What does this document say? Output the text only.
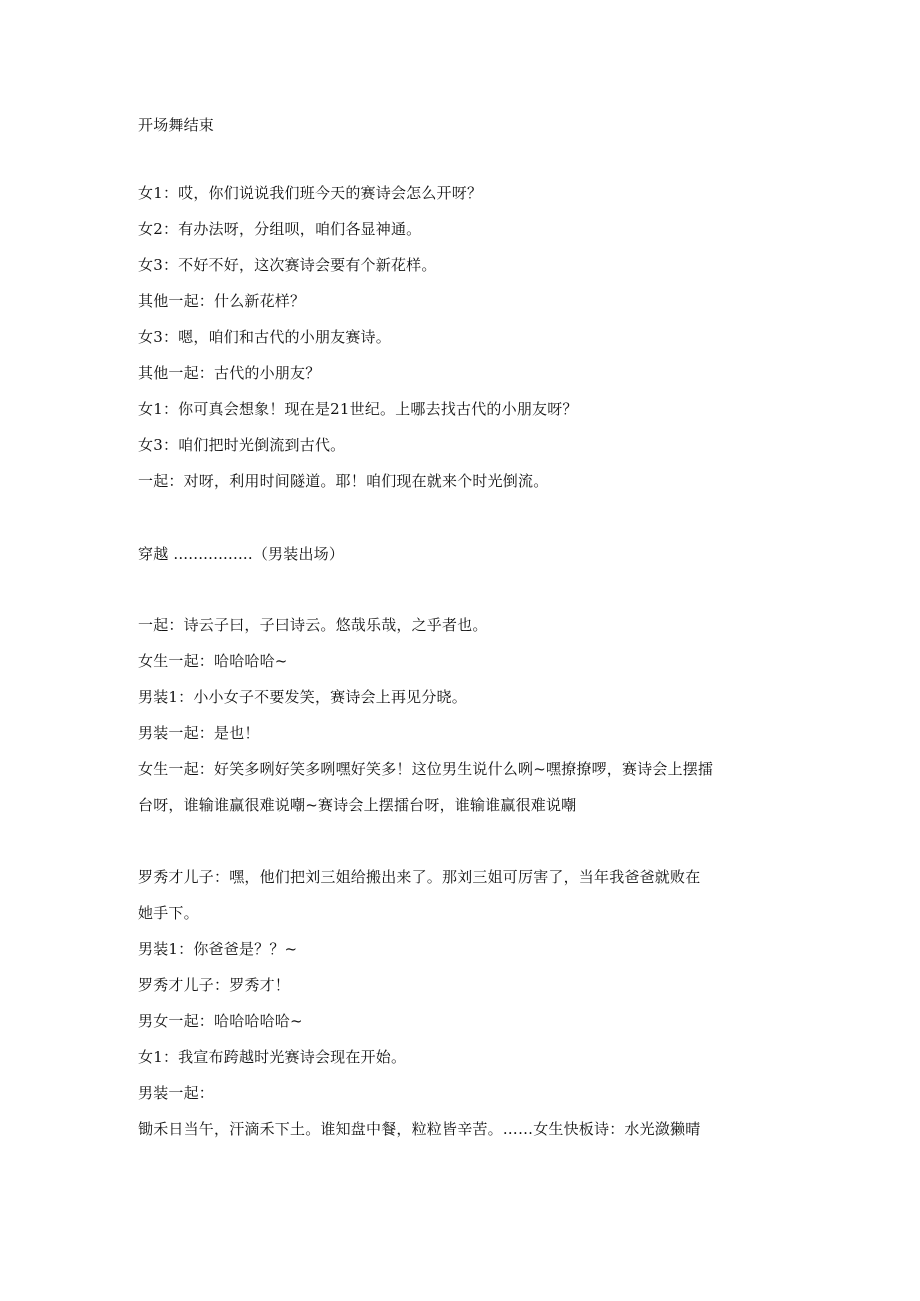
开场舞结束
女1：哎，你们说说我们班今天的赛诗会怎么开呀？
女2：有办法呀，分组呗，咱们各显神通。
女3：不好不好，这次赛诗会要有个新花样。
其他一起：什么新花样？
女3：嗯，咱们和古代的小朋友赛诗。
其他一起：古代的小朋友？
女1：你可真会想象！现在是21世纪。上哪去找古代的小朋友呀？
女3：咱们把时光倒流到古代。
一起：对呀，利用时间隧道。耶！咱们现在就来个时光倒流。
穿越 ................（男装出场）
一起：诗云子曰，子曰诗云。悠哉乐哉，之乎者也。
女生一起：哈哈哈哈~
男装1：小小女子不要发笑，赛诗会上再见分晓。
男装一起：是也！
女生一起：好笑多咧好笑多咧嘿好笑多！这位男生说什么咧~嘿撩撩啰，赛诗会上摆擂
台呀，谁输谁赢很难说嘲~赛诗会上摆擂台呀，谁输谁赢很难说嘲
罗秀才儿子：嘿，他们把刘三姐给搬出来了。那刘三姐可厉害了，当年我爸爸就败在
她手下。
男装1：你爸爸是？？~
罗秀才儿子：罗秀才！
男女一起：哈哈哈哈哈~
女1：我宣布跨越时光赛诗会现在开始。
男装一起：
锄禾日当午，汗滴禾下土。谁知盘中餐，粒粒皆辛苦。……女生快板诗：水光潋獭晴
